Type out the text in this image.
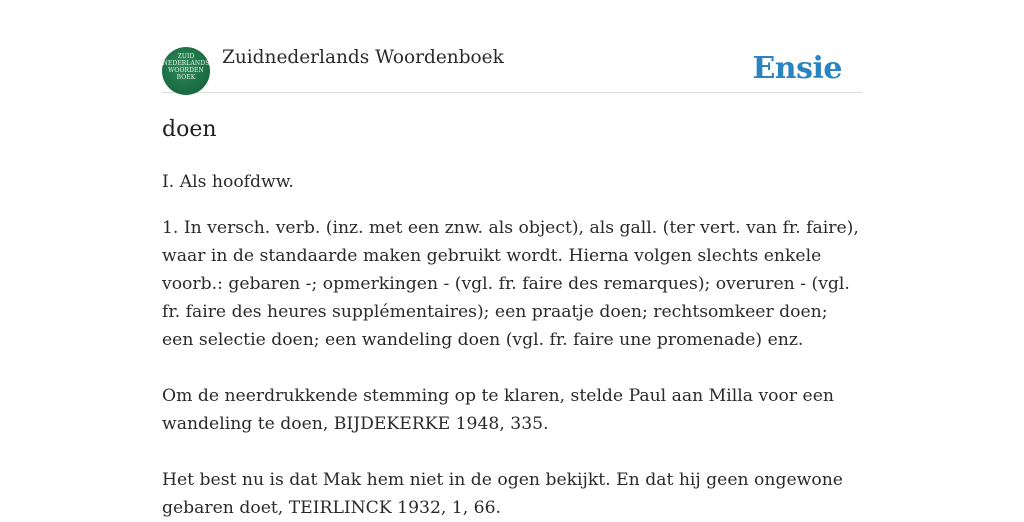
ZUID
NEDERLANDS
WOORDEN
BOEK
Zuidnederlands Woordenboek	Ensie
doen

I. Als hoofdww.

1. In versch. verb. (inz. met een znw. als object), als gall. (ter vert. van fr. faire), waar in de standaarde maken gebruikt wordt. Hierna volgen slechts enkele voorb.: gebaren -; opmerkingen - (vgl. fr. faire des remarques); overuren - (vgl. fr. faire des heures supplémentaires); een praatje doen; rechtsomkeer doen; een selectie doen; een wandeling doen (vgl. fr. faire une promenade) enz.

Om de neerdrukkende stemming op te klaren, stelde Paul aan Milla voor een wandeling te doen, BIJDEKERKE 1948, 335.

Het best nu is dat Mak hem niet in de ogen bekijkt. En dat hij geen ongewone gebaren doet, TEIRLINCK 1932, 1, 66.
